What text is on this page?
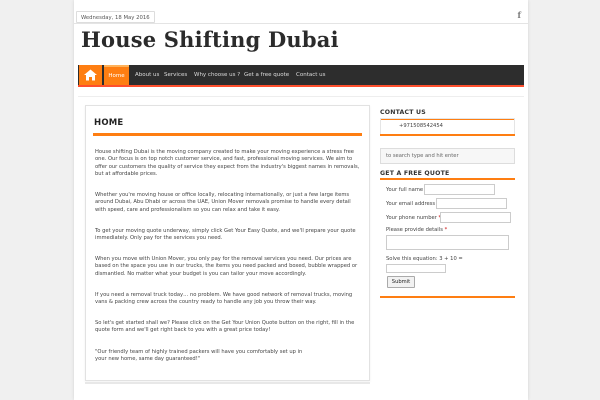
Wednesday, 18 May 2016	f
House Shifting Dubai
Home	About us Services Why choose us ? Get a free quote Contact us
HOME

House shifting Dubai is the moving company created to make your moving experience a stress free one. Our focus is on top notch customer service, and fast, professional moving services. We aim to offer our customers the quality of service they expect from the industry's biggest names in removals, but at affordable prices.

Whether you're moving house or office locally, relocating internationally, or just a few large items around Dubai, Abu Dhabi or across the UAE, Union Mover removals promise to handle every detail with speed, care and professionalism so you can relax and take it easy.

To get your moving quote underway, simply click Get Your Easy Quote, and we'll prepare your quote immediately. Only pay for the services you need.

When you move with Union Mover, you only pay for the removal services you need. Our prices are based on the space you use in our trucks, the items you need packed and boxed, bubble wrapped or dismantled. No matter what your budget is you can tailor your move accordingly.

If you need a removal truck today… no problem. We have good network of removal trucks, moving vans & packing crew across the country ready to handle any job you throw their way.

So let's get started shall we? Please click on the Get Your Union Quote button on the right, fill in the quote form and we'll get right back to you with a great price today!

"Our friendly team of highly trained packers will have you comfortably set up in your new home, same day guaranteed!"

CONTACT US
+971508542454
to search type and hit enter
GET A FREE QUOTE
Your full name
Your email address
Your phone number
Please provide details *
Solve this equation: 3 + 10 =
Submit
